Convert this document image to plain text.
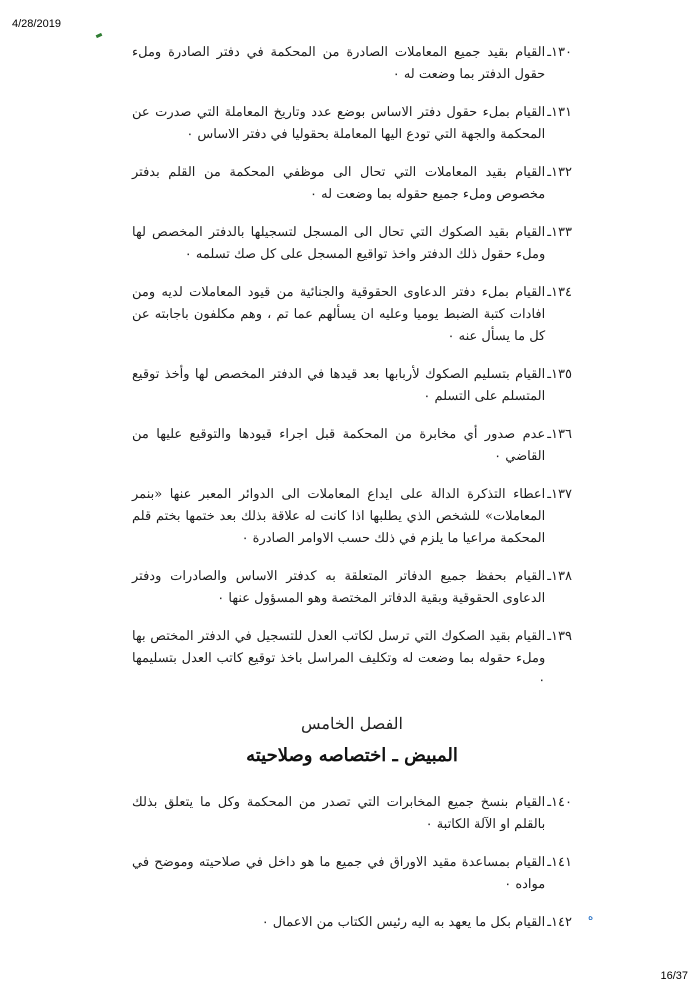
4/28/2019
١٣٠ـ
القيام بقيد جميع المعاملات الصادرة من المحكمة في دفتر الصادرة وملء حقول الدفتر بما وضعت له ٠
١٣١ـ
القيام بملء حقول دفتر الاساس بوضع عدد وتاريخ المعاملة التي صدرت عن المحكمة والجهة التي تودع اليها المعاملة بحقوليا في دفتر الاساس ٠
١٣٢ـ
القيام بقيد المعاملات التي تحال الى موظفي المحكمة من القلم بدفتر مخصوص وملء جميع حقوله بما وضعت له ٠
١٣٣ـ
القيام بقيد الصكوك التي تحال الى المسجل لتسجيلها بالدفتر المخصص لها وملء حقول ذلك الدفتر واخذ تواقيع المسجل على كل صك تسلمه ٠
١٣٤ـ
القيام بملء دفتر الدعاوى الحقوقية والجنائية من قيود المعاملات لديه ومن افادات كتبة الضبط يوميا وعليه ان يسألهم عما تم ، وهم مكلفون باجابته عن كل ما يسأل عنه ٠
١٣٥ـ
القيام بتسليم الصكوك لأربابها بعد قيدها في الدفتر المخصص لها وأخذ توقيع المتسلم على التسلم ٠
١٣٦ـ
عدم صدور أي مخابرة من المحكمة قبل اجراء قيودها والتوقيع عليها من القاضي ٠
١٣٧ـ
اعطاء التذكرة الدالة على ايداع المعاملات الى الدوائر المعبر عنها «بنمر المعاملات» للشخص الذي يطلبها اذا كانت له علاقة بذلك بعد ختمها بختم قلم المحكمة مراعيا ما يلزم في ذلك حسب الاوامر الصادرة ٠
١٣٨ـ
القيام بحفظ جميع الدفاتر المتعلقة به كدفتر الاساس والصادرات ودفتر الدعاوى الحقوقية وبقية الدفاتر المختصة وهو المسؤول عنها ٠
١٣٩ـ
القيام بقيد الصكوك التي ترسل لكاتب العدل للتسجيل في الدفتر المختص بها وملء حقوله بما وضعت له وتكليف المراسل باخذ توقيع كاتب العدل بتسليمها ٠
الفصل الخامس
المبيض ـ اختصاصه وصلاحيته
١٤٠ـ
القيام بنسخ جميع المخابرات التي تصدر من المحكمة وكل ما يتعلق بذلك بالقلم او الآلة الكاتبة ٠
١٤١ـ
القيام بمساعدة مقيد الاوراق في جميع ما هو داخل في صلاحيته وموضح في مواده ٠
١٤٢ـ
القيام بكل ما يعهد به اليه رئيس الكتاب من الاعمال ٠	ه
16/37
